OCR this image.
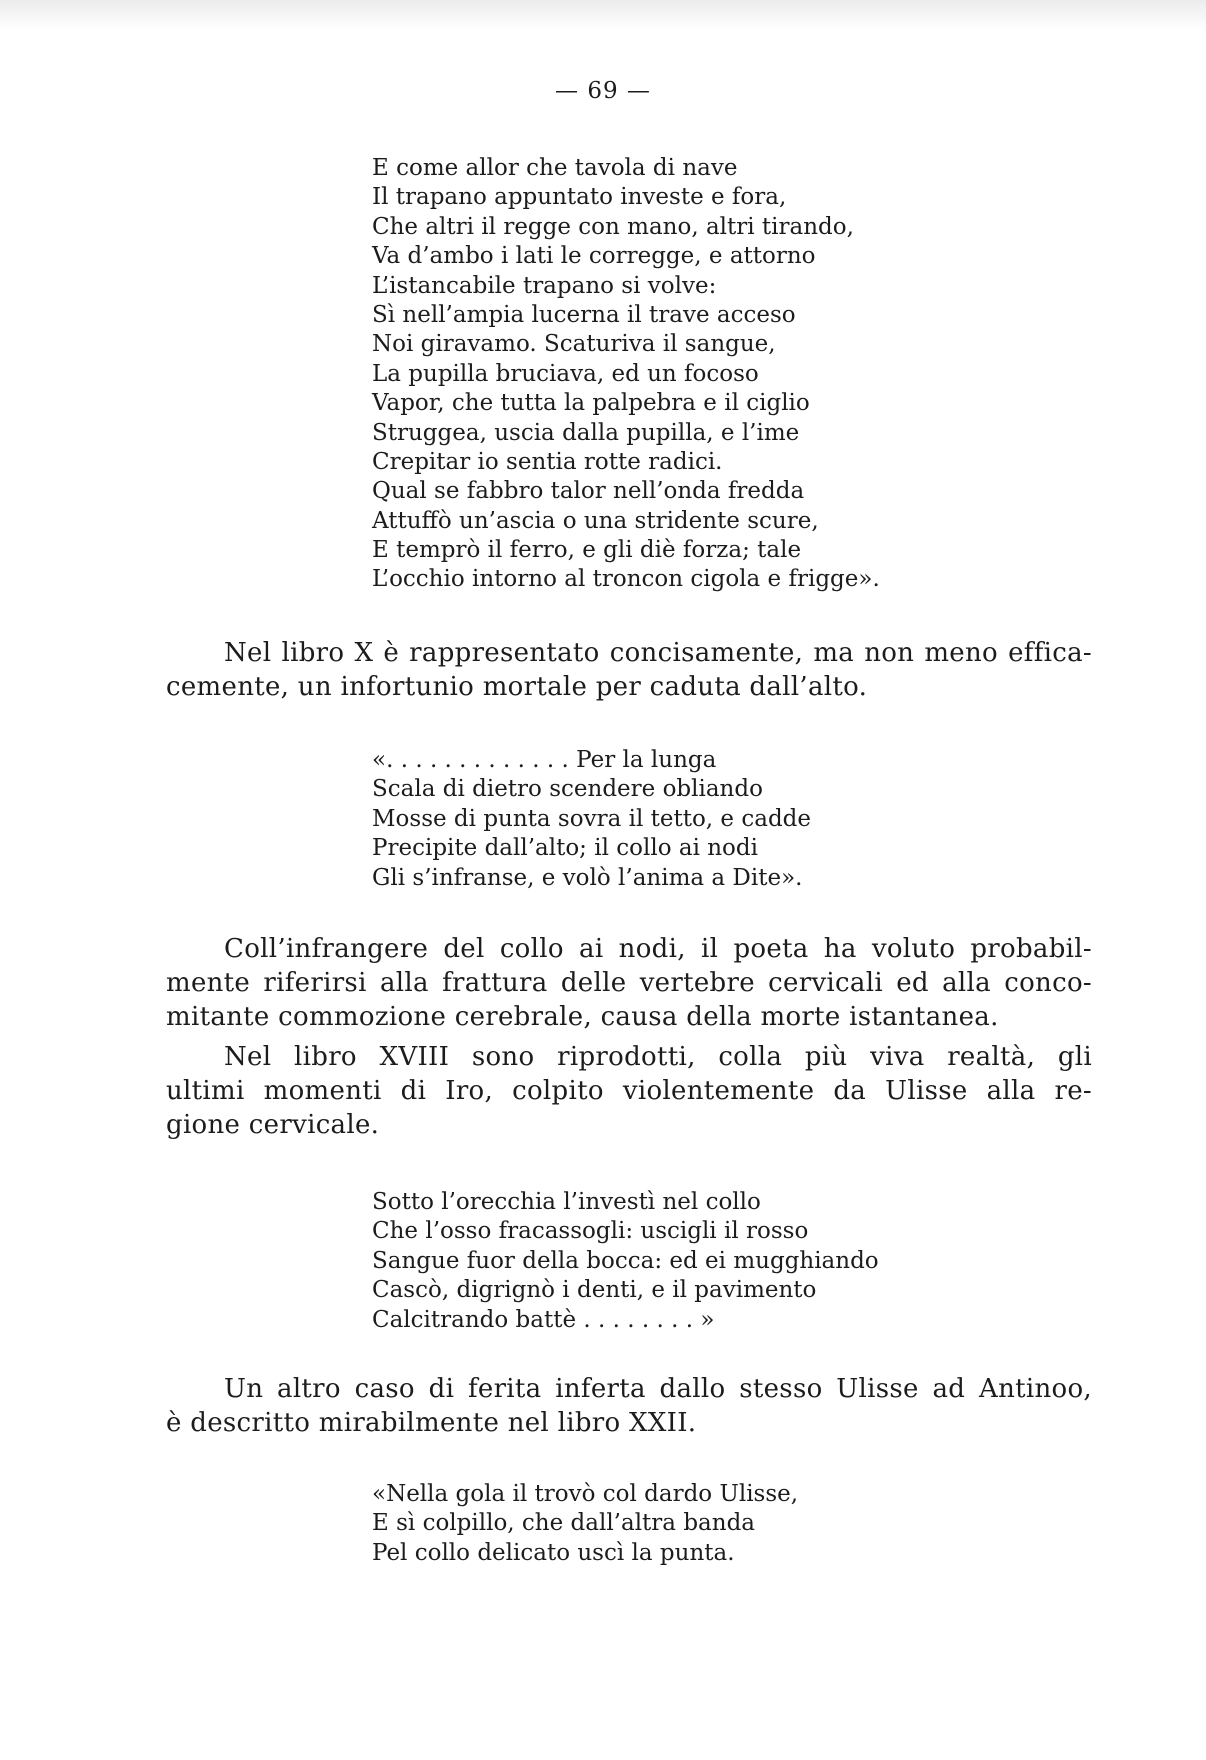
— 69 —
E come allor che tavola di nave
Il trapano appuntato investe e fora,
Che altri il regge con mano, altri tirando,
Va d’ambo i lati le corregge, e attorno
L’istancabile trapano si volve:
Sì nell’ampia lucerna il trave acceso
Noi giravamo. Scaturiva il sangue,
La pupilla bruciava, ed un focoso
Vapor, che tutta la palpebra e il ciglio
Struggea, uscia dalla pupilla, e l’ime
Crepitar io sentia rotte radici.
Qual se fabbro talor nell’onda fredda
Attuffò un’ascia o una stridente scure,
E temprò il ferro, e gli diè forza; tale
L’occhio intorno al troncon cigola e frigge».
Nel libro X è rappresentato concisamente, ma non meno effica-
cemente, un infortunio mortale per caduta dall’alto.
«. . . . . . . . . . . . . Per la lunga
Scala di dietro scendere obliando
Mosse di punta sovra il tetto, e cadde
Precipite dall’alto; il collo ai nodi
Gli s’infranse, e volò l’anima a Dite».
Coll’infrangere del collo ai nodi, il poeta ha voluto probabil-
mente riferirsi alla frattura delle vertebre cervicali ed alla conco-
mitante commozione cerebrale, causa della morte istantanea.
Nel libro XVIII sono riprodotti, colla più viva realtà, gli
ultimi momenti di Iro, colpito violentemente da Ulisse alla re-
gione cervicale.
Sotto l’orecchia l’investì nel collo
Che l’osso fracassogli: uscigli il rosso
Sangue fuor della bocca: ed ei mugghiando
Cascò, digrignò i denti, e il pavimento
Calcitrando battè . . . . . . . . »
Un altro caso di ferita inferta dallo stesso Ulisse ad Antinoo,
è descritto mirabilmente nel libro XXII.
«Nella gola il trovò col dardo Ulisse,
E sì colpillo, che dall’altra banda
Pel collo delicato uscì la punta.
